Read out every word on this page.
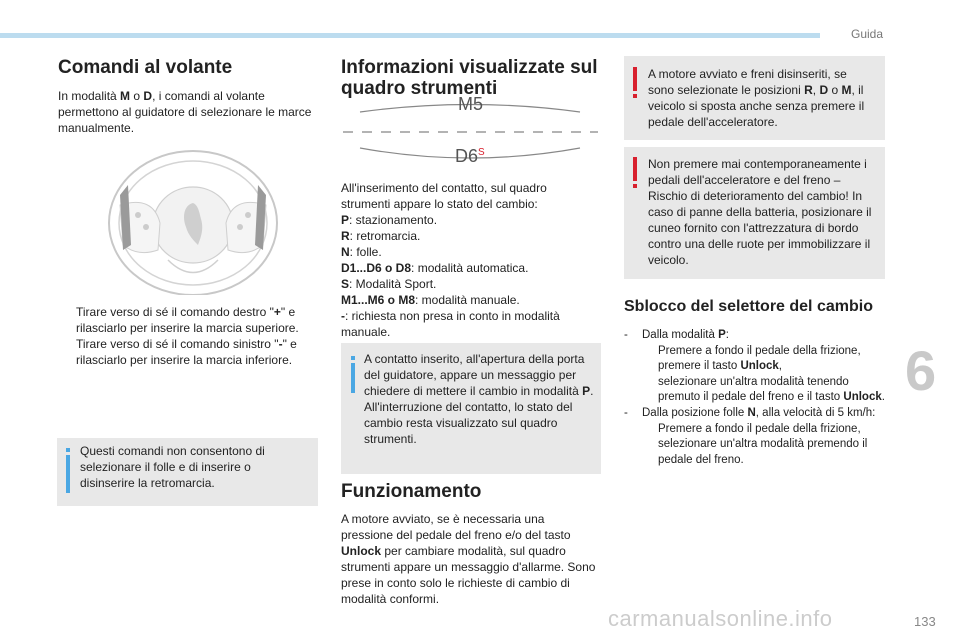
Guida
Comandi al volante
In modalità M o D, i comandi al volante permettono al guidatore di selezionare le marce manualmente.
Tirare verso di sé il comando destro "+" e rilasciarlo per inserire la marcia superiore.
Tirare verso di sé il comando sinistro "-" e rilasciarlo per inserire la marcia inferiore.
Questi comandi non consentono di selezionare il folle e di inserire o disinserire la retromarcia.
Informazioni visualizzate sul quadro strumenti
M5
$D6^S$
All'inserimento del contatto, sul quadro strumenti appare lo stato del cambio:
P: stazionamento.
R: retromarcia.
N: folle.
D1...D6 o D8: modalità automatica.
S: Modalità Sport.
M1...M6 o M8: modalità manuale.
-: richiesta non presa in conto in modalità manuale.
A contatto inserito, all'apertura della porta del guidatore, appare un messaggio per chiedere di mettere il cambio in modalità P. All'interruzione del contatto, lo stato del cambio resta visualizzato sul quadro strumenti.
Funzionamento
A motore avviato, se è necessaria una pressione del pedale del freno e/o del tasto Unlock per cambiare modalità, sul quadro strumenti appare un messaggio d'allarme. Sono prese in conto solo le richieste di cambio di modalità conformi.
A motore avviato e freni disinseriti, se sono selezionate le posizioni R, D o M, il veicolo si sposta anche senza premere il pedale dell'acceleratore.
Non premere mai contemporaneamente i pedali dell'acceleratore e del freno – Rischio di deterioramento del cambio! In caso di panne della batteria, posizionare il cuneo fornito con l'attrezzatura di bordo contro una delle ruote per immobilizzare il veicolo.
Sblocco del selettore del cambio
- Dalla modalità P:
Premere a fondo il pedale della frizione,
premere il tasto Unlock,
selezionare un'altra modalità tenendo premuto il pedale del freno e il tasto Unlock.
- Dalla posizione folle N, alla velocità di 5 km/h:
Premere a fondo il pedale della frizione,
selezionare un'altra modalità premendo il pedale del freno.
6
carmanualsonline.info	133
